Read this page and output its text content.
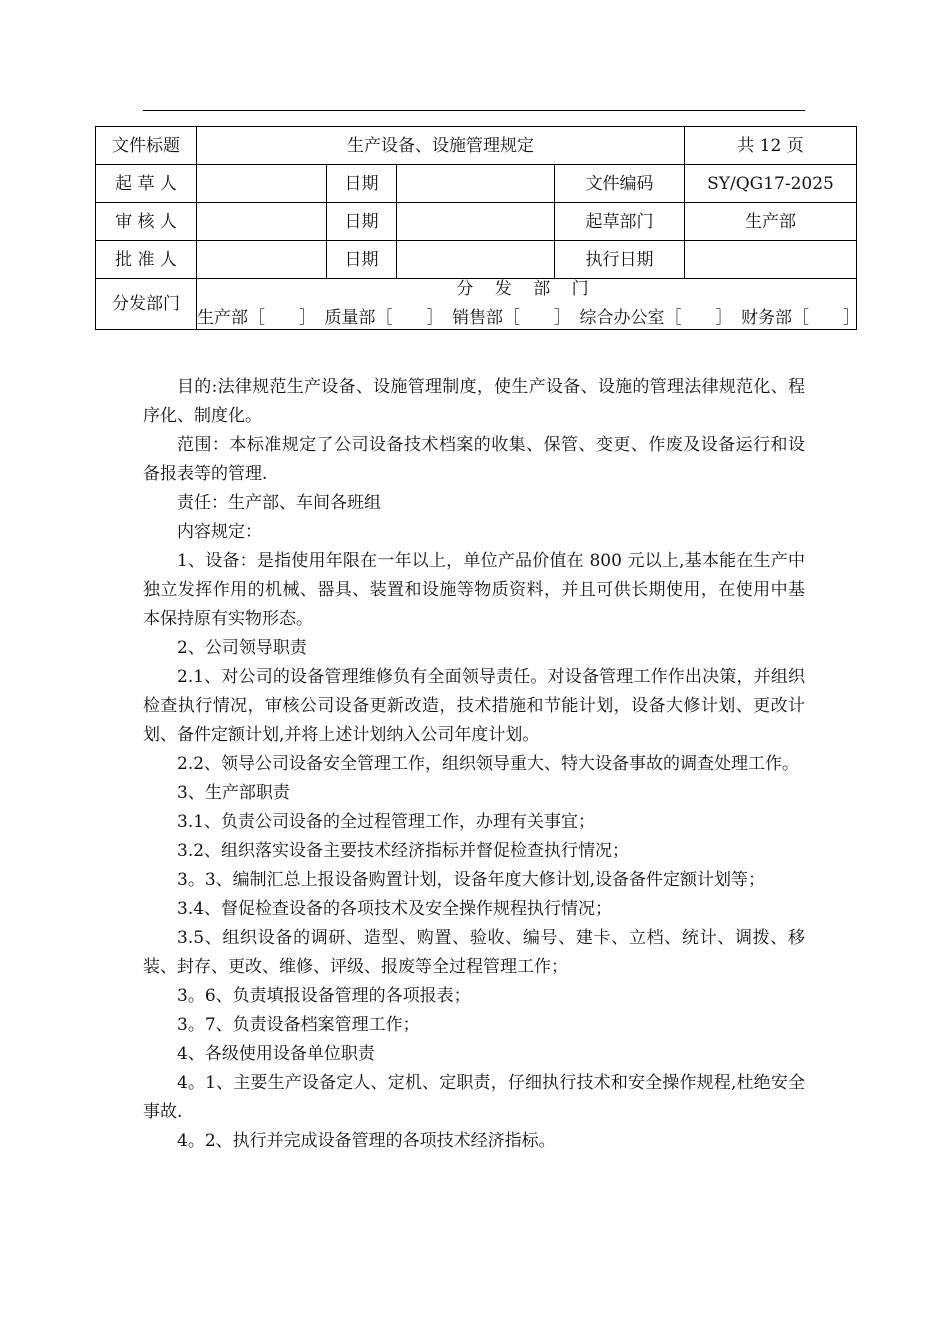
文件标题	生产设备、设施管理规定				共 12 页
起 草 人		日期		文件编码	SY/QG17-2025
审 核 人		日期		起草部门	生产部
批 准 人		日期		执行日期	
分发部门	分 发 部 门
生产部［　　］　质量部［　　］　销售部［　　］　综合办公室［　　］　财务部［　　］				

目的:法律规范生产设备、设施管理制度，使生产设备、设施的管理法律规范化、程序化、制度化。

范围：本标准规定了公司设备技术档案的收集、保管、变更、作废及设备运行和设备报表等的管理.

责任：生产部、车间各班组

内容规定：

1、设备：是指使用年限在一年以上，单位产品价值在 800 元以上,基本能在生产中独立发挥作用的机械、器具、装置和设施等物质资料，并且可供长期使用，在使用中基本保持原有实物形态。

2、公司领导职责

2.1、对公司的设备管理维修负有全面领导责任。对设备管理工作作出决策，并组织检查执行情况，审核公司设备更新改造，技术措施和节能计划，设备大修计划、更改计划、备件定额计划,并将上述计划纳入公司年度计划。

2.2、领导公司设备安全管理工作，组织领导重大、特大设备事故的调查处理工作。

3、生产部职责

3.1、负责公司设备的全过程管理工作，办理有关事宜；

3.2、组织落实设备主要技术经济指标并督促检查执行情况；

3。3、编制汇总上报设备购置计划，设备年度大修计划,设备备件定额计划等；

3.4、督促检查设备的各项技术及安全操作规程执行情况；

3.5、组织设备的调研、造型、购置、验收、编号、建卡、立档、统计、调拨、移装、封存、更改、维修、评级、报废等全过程管理工作；

3。6、负责填报设备管理的各项报表；

3。7、负责设备档案管理工作；

4、各级使用设备单位职责

4。1、主要生产设备定人、定机、定职责，仔细执行技术和安全操作规程,杜绝安全事故.

4。2、执行并完成设备管理的各项技术经济指标。
